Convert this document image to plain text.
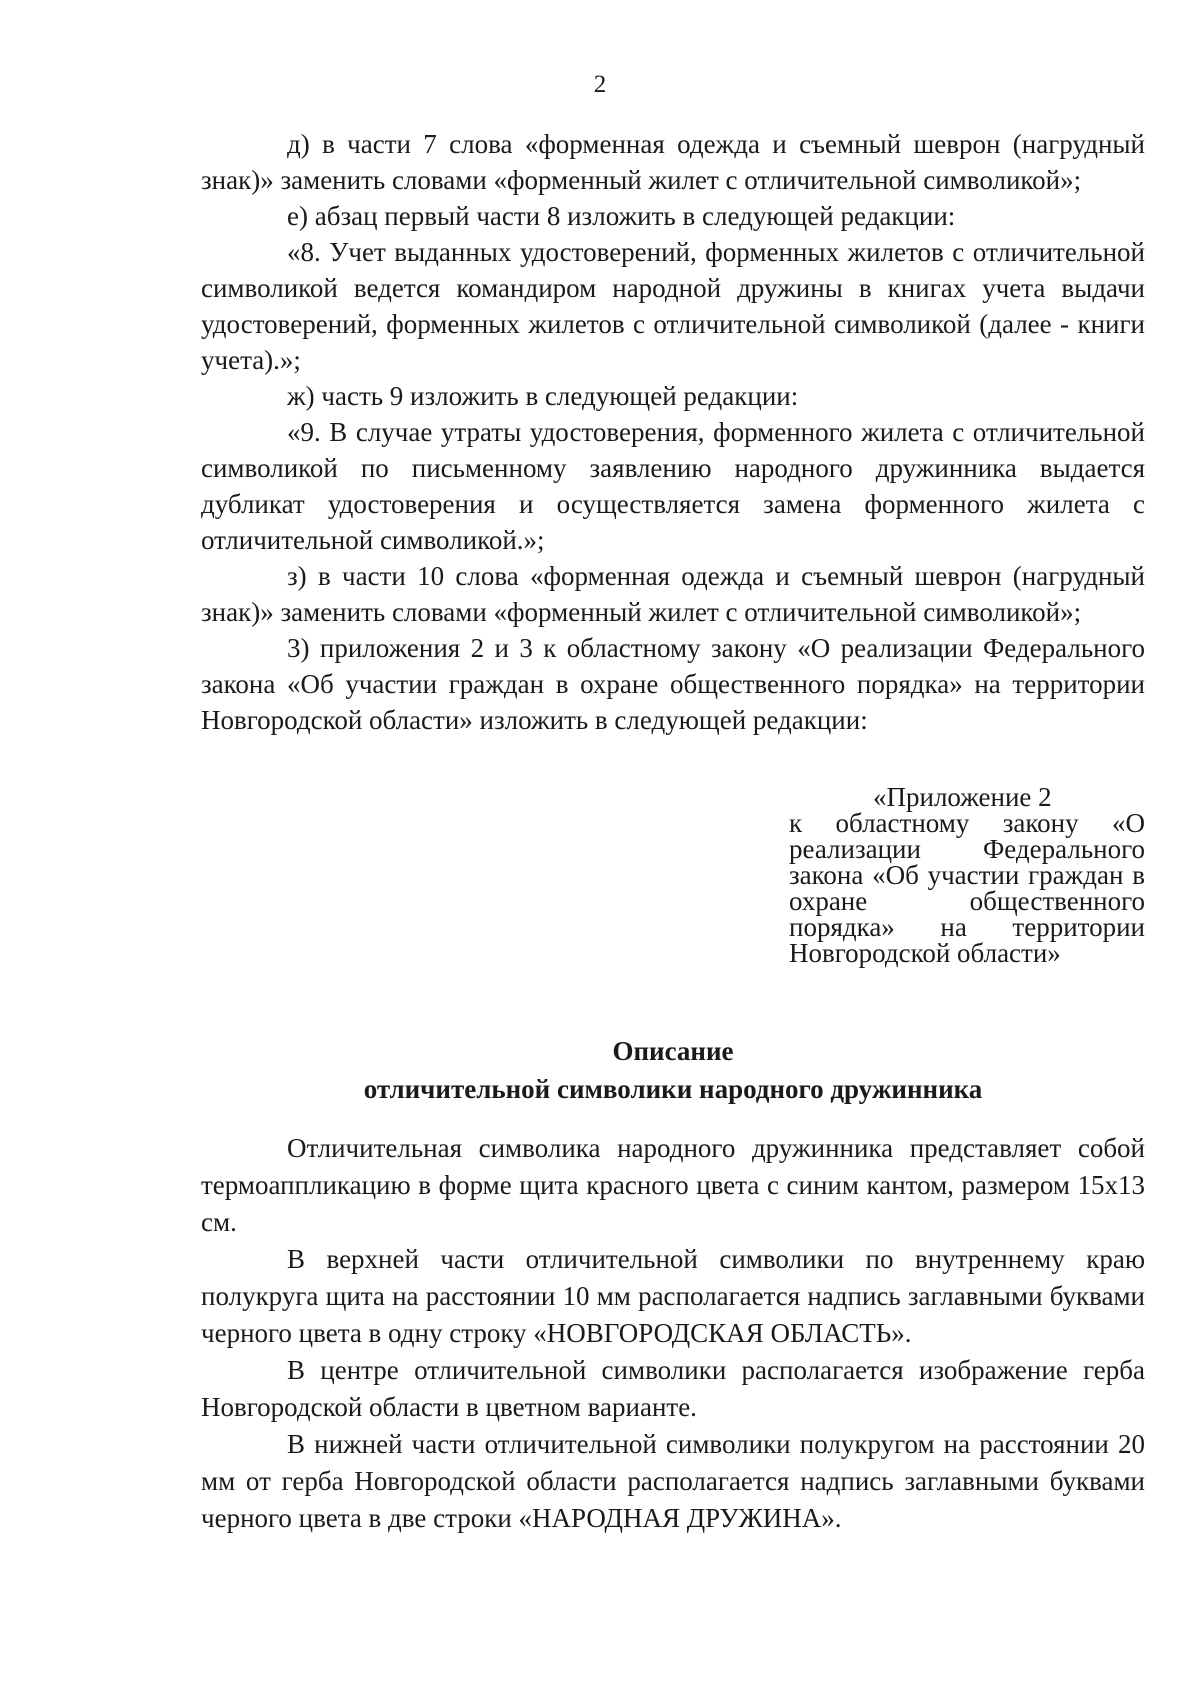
2

д) в части 7 слова «форменная одежда и съемный шеврон (нагрудный знак)» заменить словами «форменный жилет с отличительной символикой»;

е) абзац первый части 8 изложить в следующей редакции:

«8. Учет выданных удостоверений, форменных жилетов с отличительной символикой ведется командиром народной дружины в книгах учета выдачи удостоверений, форменных жилетов с отличительной символикой (далее - книги учета).»;

ж) часть 9 изложить в следующей редакции:

«9. В случае утраты удостоверения, форменного жилета с отличительной символикой по письменному заявлению народного дружинника выдается дубликат удостоверения и осуществляется замена форменного жилета с отличительной символикой.»;

з) в части 10 слова «форменная одежда и съемный шеврон (нагрудный знак)» заменить словами «форменный жилет с отличительной символикой»;

3) приложения 2 и 3 к областному закону «О реализации Федерального закона «Об участии граждан в охране общественного порядка» на территории Новгородской области» изложить в следующей редакции:

«Приложение 2
к областному закону «О реализации Федерального закона «Об участии граждан в охране общественного порядка» на территории Новгородской области»
Описание
отличительной символики народного дружинника

Отличительная символика народного дружинника представляет собой термоаппликацию в форме щита красного цвета с синим кантом, размером 15х13 см.

В верхней части отличительной символики по внутреннему краю полукруга щита на расстоянии 10 мм располагается надпись заглавными буквами черного цвета в одну строку «НОВГОРОДСКАЯ ОБЛАСТЬ».

В центре отличительной символики располагается изображение герба Новгородской области в цветном варианте.

В нижней части отличительной символики полукругом на расстоянии 20 мм от герба Новгородской области располагается надпись заглавными буквами черного цвета в две строки «НАРОДНАЯ ДРУЖИНА».
